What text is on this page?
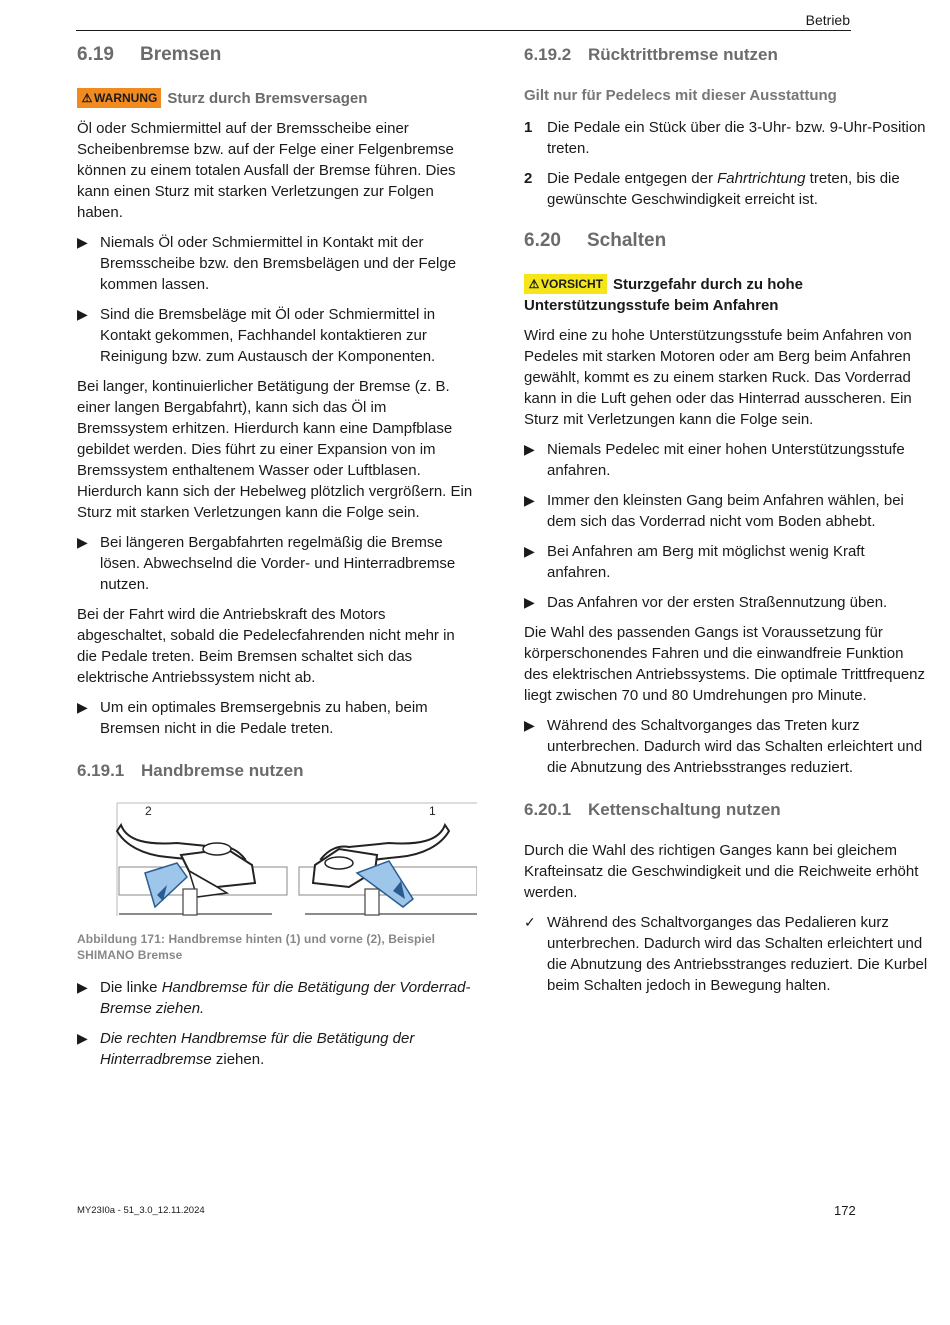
Betrieb
6.19 Bremsen
⚠ WARNUNG Sturz durch Bremsversagen

Öl oder Schmiermittel auf der Bremsscheibe einer Scheibenbremse bzw. auf der Felge einer Felgenbremse können zu einem totalen Ausfall der Bremse führen. Dies kann einen Sturz mit starken Verletzungen zur Folgen haben.

▶ Niemals Öl oder Schmiermittel in Kontakt mit der Bremsscheibe bzw. den Bremsbelägen und der Felge kommen lassen.
▶ Sind die Bremsbeläge mit Öl oder Schmiermittel in Kontakt gekommen, Fachhandel kontaktieren zur Reinigung bzw. zum Austausch der Komponenten.

Bei langer, kontinuierlicher Betätigung der Bremse (z. B. einer langen Bergabfahrt), kann sich das Öl im Bremssystem erhitzen. Hierdurch kann eine Dampfblase gebildet werden. Dies führt zu einer Expansion von im Bremssystem enthaltenem Wasser oder Luftblasen. Hierdurch kann sich der Hebelweg plötzlich vergrößern. Ein Sturz mit starken Verletzungen kann die Folge sein.

▶ Bei längeren Bergabfahrten regelmäßig die Bremse lösen. Abwechselnd die Vorder- und Hinterradbremse nutzen.

Bei der Fahrt wird die Antriebskraft des Motors abgeschaltet, sobald die Pedelecfahrenden nicht mehr in die Pedale treten. Beim Bremsen schaltet sich das elektrische Antriebssystem nicht ab.

▶ Um ein optimales Bremsergebnis zu haben, beim Bremsen nicht in die Pedale treten.
6.19.1 Handbremse nutzen
2	1
Abbildung 171: Handbremse hinten (1) und vorne (2), Beispiel SHIMANO Bremse
▶ Die linke Handbremse für die Betätigung der Vorderrad-Bremse ziehen.
▶ Die rechten Handbremse für die Betätigung der Hinterradbremse ziehen.
6.19.2 Rücktrittbremse nutzen
Gilt nur für Pedelecs mit dieser Ausstattung
1 Die Pedale ein Stück über die 3-Uhr- bzw. 9-Uhr-Position treten.
2 Die Pedale entgegen der Fahrtrichtung treten, bis die gewünschte Geschwindigkeit erreicht ist.
6.20 Schalten
⚠ VORSICHT Sturzgefahr durch zu hohe Unterstützungsstufe beim Anfahren

Wird eine zu hohe Unterstützungsstufe beim Anfahren von Pedeles mit starken Motoren oder am Berg beim Anfahren gewählt, kommt es zu einem starken Ruck. Das Vorderrad kann in die Luft gehen oder das Hinterrad ausscheren. Ein Sturz mit Verletzungen kann die Folge sein.

▶ Niemals Pedelec mit einer hohen Unterstützungsstufe anfahren.
▶ Immer den kleinsten Gang beim Anfahren wählen, bei dem sich das Vorderrad nicht vom Boden abhebt.
▶ Bei Anfahren am Berg mit möglichst wenig Kraft anfahren.
▶ Das Anfahren vor der ersten Straßennutzung üben.

Die Wahl des passenden Gangs ist Voraussetzung für körperschonendes Fahren und die einwandfreie Funktion des elektrischen Antriebssystems. Die optimale Trittfrequenz liegt zwischen 70 und 80 Umdrehungen pro Minute.

▶ Während des Schaltvorganges das Treten kurz unterbrechen. Dadurch wird das Schalten erleichtert und die Abnutzung des Antriebsstranges reduziert.
6.20.1 Kettenschaltung nutzen

Durch die Wahl des richtigen Ganges kann bei gleichem Krafteinsatz die Geschwindigkeit und die Reichweite erhöht werden.

✓ Während des Schaltvorganges das Pedalieren kurz unterbrechen. Dadurch wird das Schalten erleichtert und die Abnutzung des Antriebsstranges reduziert. Die Kurbel beim Schalten jedoch in Bewegung halten.
MY23I0a - 51_3.0_12.11.2024	172
